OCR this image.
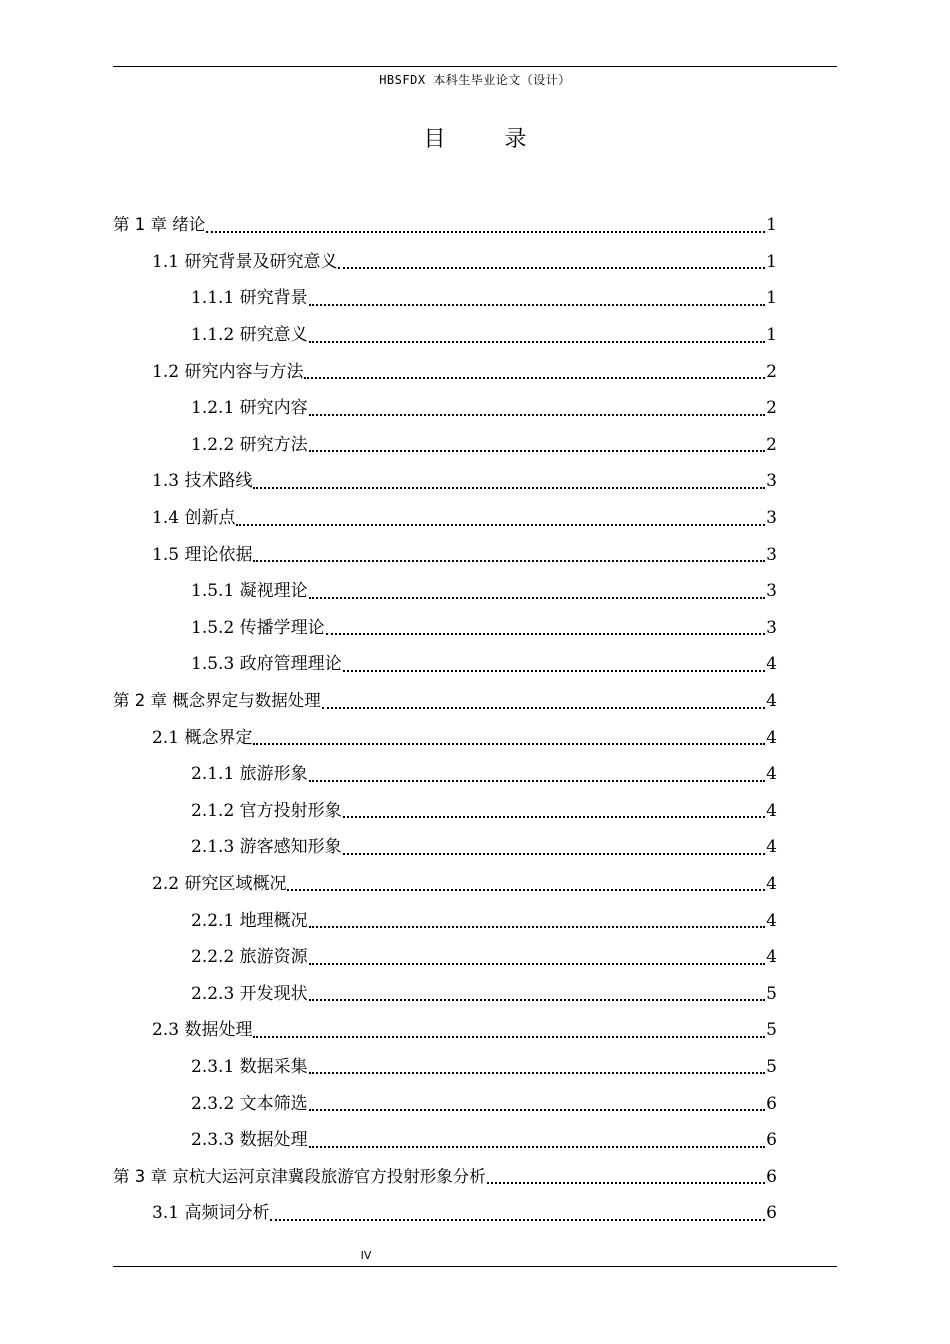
HBSFDX 本科生毕业论文（设计）
目 录
第 1 章 绪论	1
1.1 研究背景及研究意义	1
1.1.1 研究背景	1
1.1.2 研究意义	1
1.2 研究内容与方法	2
1.2.1 研究内容	2
1.2.2 研究方法	2
1.3 技术路线	3
1.4 创新点	3
1.5 理论依据	3
1.5.1 凝视理论	3
1.5.2 传播学理论	3
1.5.3 政府管理理论	4
第 2 章 概念界定与数据处理	4
2.1 概念界定	4
2.1.1 旅游形象	4
2.1.2 官方投射形象	4
2.1.3 游客感知形象	4
2.2 研究区域概况	4
2.2.1 地理概况	4
2.2.2 旅游资源	4
2.2.3 开发现状	5
2.3 数据处理	5
2.3.1 数据采集	5
2.3.2 文本筛选	6
2.3.3 数据处理	6
第 3 章 京杭大运河京津冀段旅游官方投射形象分析	6
3.1 高频词分析	6
IV
